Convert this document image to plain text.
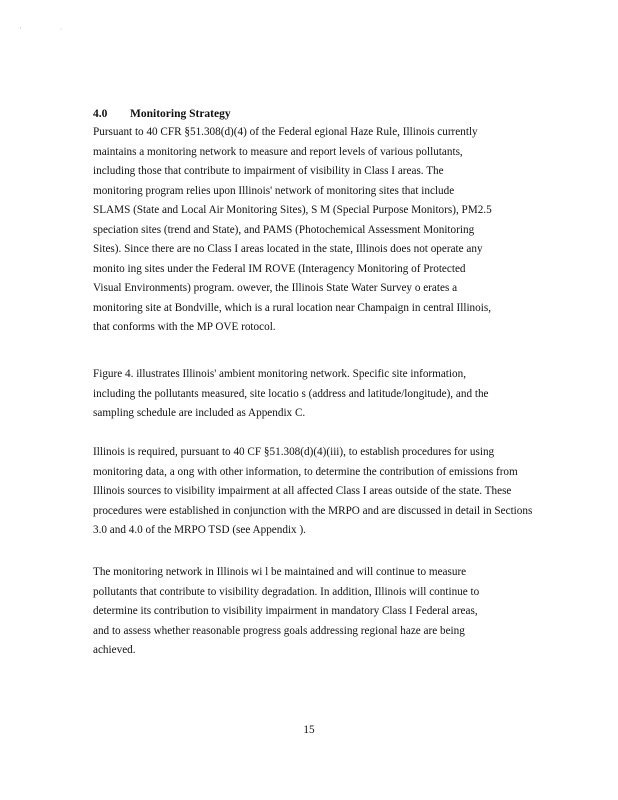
'	·
4.0 Monitoring Strategy
Pursuant to 40 CFR §51.308(d)(4) of the Federal egional Haze Rule, Illinois currently
maintains a monitoring network to measure and report levels of various pollutants,
including those that contribute to impairment of visibility in Class I areas. The
monitoring program relies upon Illinois' network of monitoring sites that include
SLAMS (State and Local Air Monitoring Sites), S M (Special Purpose Monitors), PM2.5
speciation sites (trend and State), and PAMS (Photochemical Assessment Monitoring
Sites). Since there are no Class I areas located in the state, Illinois does not operate any
monito ing sites under the Federal IM ROVE (Interagency Monitoring of Protected
Visual Environments) program. owever, the Illinois State Water Survey o erates a
monitoring site at Bondville, which is a rural location near Champaign in central Illinois,
that conforms with the MP OVE rotocol.
Figure 4. illustrates Illinois' ambient monitoring network. Specific site information,
including the pollutants measured, site locatio s (address and latitude/longitude), and the
sampling schedule are included as Appendix C.
Illinois is required, pursuant to 40 CF §51.308(d)(4)(iii), to establish procedures for using
monitoring data, a ong with other information, to determine the contribution of emissions from
Illinois sources to visibility impairment at all affected Class I areas outside of the state. These
procedures were established in conjunction with the MRPO and are discussed in detail in Sections
3.0 and 4.0 of the MRPO TSD (see Appendix ).
The monitoring network in Illinois wi l be maintained and will continue to measure
pollutants that contribute to visibility degradation. In addition, Illinois will continue to
determine its contribution to visibility impairment in mandatory Class I Federal areas,
and to assess whether reasonable progress goals addressing regional haze are being
achieved.
15
